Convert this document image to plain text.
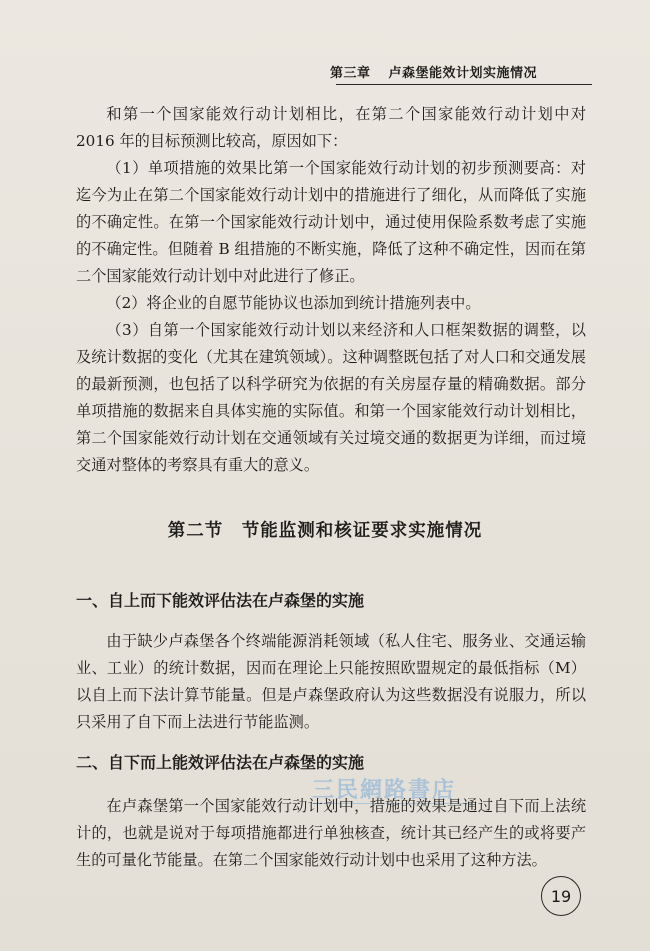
第三章 卢森堡能效计划实施情况

和第一个国家能效行动计划相比，在第二个国家能效行动计划中对 2016 年的目标预测比较高，原因如下：

（1）单项措施的效果比第一个国家能效行动计划的初步预测要高：对迄今为止在第二个国家能效行动计划中的措施进行了细化，从而降低了实施的不确定性。在第一个国家能效行动计划中，通过使用保险系数考虑了实施的不确定性。但随着 B 组措施的不断实施，降低了这种不确定性，因而在第二个国家能效行动计划中对此进行了修正。

（2）将企业的自愿节能协议也添加到统计措施列表中。

（3）自第一个国家能效行动计划以来经济和人口框架数据的调整，以及统计数据的变化（尤其在建筑领域）。这种调整既包括了对人口和交通发展的最新预测，也包括了以科学研究为依据的有关房屋存量的精确数据。部分单项措施的数据来自具体实施的实际值。和第一个国家能效行动计划相比，第二个国家能效行动计划在交通领域有关过境交通的数据更为详细，而过境交通对整体的考察具有重大的意义。

第二节　节能监测和核证要求实施情况
一、自上而下能效评估法在卢森堡的实施

由于缺少卢森堡各个终端能源消耗领域（私人住宅、服务业、交通运输业、工业）的统计数据，因而在理论上只能按照欧盟规定的最低指标（M）以自上而下法计算节能量。但是卢森堡政府认为这些数据没有说服力，所以只采用了自下而上法进行节能监测。

二、自下而上能效评估法在卢森堡的实施
三民網路書店

在卢森堡第一个国家能效行动计划中，措施的效果是通过自下而上法统计的，也就是说对于每项措施都进行单独核查，统计其已经产生的或将要产生的可量化节能量。在第二个国家能效行动计划中也采用了这种方法。

19
